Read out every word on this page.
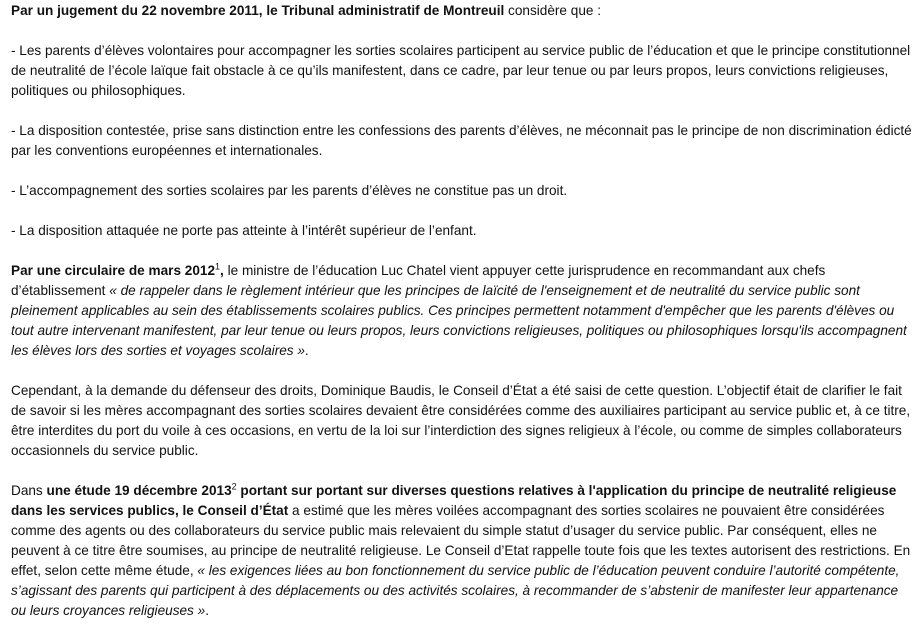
Par un jugement du 22 novembre 2011, le Tribunal administratif de Montreuil considère que :

- Les parents d’élèves volontaires pour accompagner les sorties scolaires participent au service public de l’éducation et que le principe constitutionnel de neutralité de l’école laïque fait obstacle à ce qu’ils manifestent, dans ce cadre, par leur tenue ou par leurs propos, leurs convictions religieuses, politiques ou philosophiques.

- La disposition contestée, prise sans distinction entre les confessions des parents d’élèves, ne méconnait pas le principe de non discrimination édicté par les conventions européennes et internationales.

- L’accompagnement des sorties scolaires par les parents d’élèves ne constitue pas un droit.

- La disposition attaquée ne porte pas atteinte à l’intérêt supérieur de l’enfant.

Par une circulaire de mars 2012$^1$, le ministre de l’éducation Luc Chatel vient appuyer cette jurisprudence en recommandant aux chefs d’établissement « de rappeler dans le règlement intérieur que les principes de laïcité de l'enseignement et de neutralité du service public sont pleinement applicables au sein des établissements scolaires publics. Ces principes permettent notamment d'empêcher que les parents d'élèves ou tout autre intervenant manifestent, par leur tenue ou leurs propos, leurs convictions religieuses, politiques ou philosophiques lorsqu'ils accompagnent les élèves lors des sorties et voyages scolaires ».

Cependant, à la demande du défenseur des droits, Dominique Baudis, le Conseil d’État a été saisi de cette question. L’objectif était de clarifier le fait de savoir si les mères accompagnant des sorties scolaires devaient être considérées comme des auxiliaires participant au service public et, à ce titre, être interdites du port du voile à ces occasions, en vertu de la loi sur l’interdiction des signes religieux à l’école, ou comme de simples collaborateurs occasionnels du service public.

Dans une étude 19 décembre 2013$^2$ portant sur portant sur diverses questions relatives à l'application du principe de neutralité religieuse dans les services publics, le Conseil d’État a estimé que les mères voilées accompagnant des sorties scolaires ne pouvaient être considérées comme des agents ou des collaborateurs du service public mais relevaient du simple statut d’usager du service public. Par conséquent, elles ne peuvent à ce titre être soumises, au principe de neutralité religieuse. Le Conseil d’Etat rappelle toute fois que les textes autorisent des restrictions. En effet, selon cette même étude, « les exigences liées au bon fonctionnement du service public de l’éducation peuvent conduire l’autorité compétente, s’agissant des parents qui participent à des déplacements ou des activités scolaires, à recommander de s’abstenir de manifester leur appartenance ou leurs croyances religieuses ».
